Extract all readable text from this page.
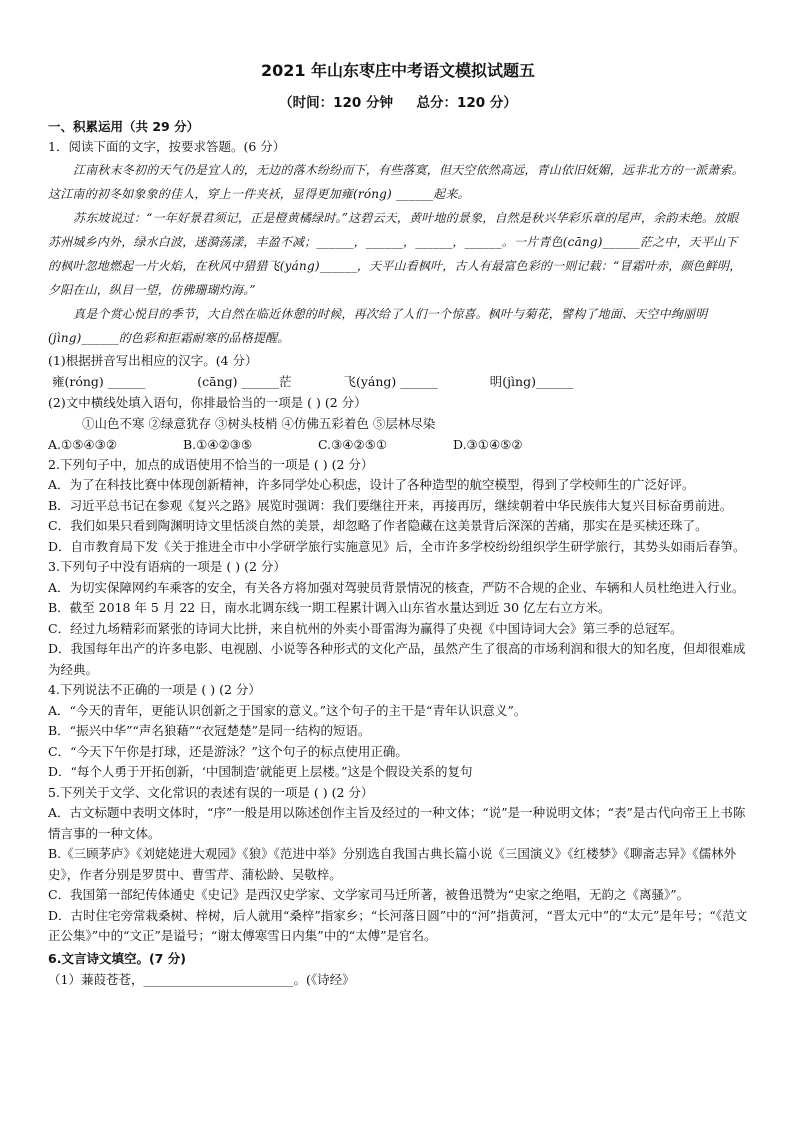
2021 年山东枣庄中考语文模拟试题五
（时间：120 分钟     总分：120 分）
一、积累运用（共 29 分）
1．阅读下面的文字，按要求答题。(6 分）
江南秋末冬初的天气仍是宜人的，无边的落木纷纷而下，有些落寞，但天空依然高远，青山依旧妩媚，远非北方的一派萧索。这江南的初冬如象象的佳人，穿上一件夹袄，显得更加雍(róng) ______起来。
苏东坡说过：“一年好景君须记，正是橙黄橘绿时。”这碧云天，黄叶地的景象，自然是秋兴华彩乐章的尾声，余韵未绝。放眼苏州城乡内外，绿水白波，迷漪荡漾，丰盈不减；______，______，______，______。一片青色(cāng)______茫之中，天平山下的枫叶忽地燃起一片火焰，在秋风中猎猎飞(yáng)______，天平山看枫叶，古人有最富色彩的一则记载：“冒霜叶赤，颜色鲜明，夕阳在山，纵目一望，仿佛珊瑚灼海。”
真是个赏心悦目的季节，大自然在临近休憩的时候，再次给了人们一个惊喜。枫叶与菊花，譬构了地面、天空中绚丽明(jìng)______的色彩和拒霜耐寒的品格提醒。
(1)根据拼音写出相应的汉字。(4 分）
雍(róng) ______	(cāng) ______茫	飞(yáng) ______	明(jìng)______
(2)文中横线处填入语句，你排最恰当的一项是 ( ) (2 分）
①山色不寒 ②绿意犹存 ③树头枝梢 ④仿佛五彩着色 ⑤层林尽染
A.①⑤④③②	B.①④②③⑤	C.③④②⑤①	D.③①④⑤②
2.下列句子中，加点的成语使用不恰当的一项是 ( ) (2 分）
A．为了在科技比赛中体现创新精神，许多同学处心积虑，设计了各种造型的航空模型，得到了学校师生的广泛好评。
B．习近平总书记在参观《复兴之路》展览时强调：我们要继往开来，再接再厉，继续朝着中华民族伟大复兴目标奋勇前进。
C．我们如果只看到陶渊明诗文里恬淡自然的美景，却忽略了作者隐藏在这美景背后深深的苦痛，那实在是买椟还珠了。
D．自市教育局下发《关于推进全市中小学研学旅行实施意见》后，全市许多学校纷纷组织学生研学旅行，其势头如雨后春笋。
3.下列句子中没有语病的一项是 ( ) (2 分）
A．为切实保障网约车乘客的安全，有关各方将加强对驾驶员背景情况的核查，严防不合规的企业、车辆和人员杜绝进入行业。
B．截至 2018 年 5 月 22 日，南水北调东线一期工程累计调入山东省水量达到近 30 亿左右立方米。
C．经过九场精彩而紧张的诗词大比拼，来自杭州的外卖小哥雷海为赢得了央视《中国诗词大会》第三季的总冠军。
D．我国每年出产的许多电影、电视剧、小说等各种形式的文化产品，虽然产生了很高的市场利润和很大的知名度，但却很难成为经典。
4.下列说法不正确的一项是 ( ) (2 分）
A．“今天的青年，更能认识创新之于国家的意义。”这个句子的主干是“青年认识意义”。
B．“振兴中华”“声名狼藉”“衣冠楚楚”是同一结构的短语。
C．“今天下午你是打球，还是游泳？”这个句子的标点使用正确。
D．“每个人勇于开拓创新，‘中国制造’就能更上层楼。”这是个假设关系的复句
5.下列关于文学、文化常识的表述有误的一项是 ( ) (2 分）
A．古文标题中表明文体时，“序”一般是用以陈述创作主旨及经过的一种文体；“说”是一种说明文体；“表”是古代向帝王上书陈情言事的一种文体。
B.《三顾茅庐》《刘姥姥进大观园》《狼》《范进中举》分别选自我国古典长篇小说《三国演义》《红楼梦》《聊斋志异》《儒林外史》，作者分别是罗贯中、曹雪芹、蒲松龄、吴敬梓。
C．我国第一部纪传体通史《史记》是西汉史学家、文学家司马迁所著，被鲁迅赞为“史家之绝唱，无韵之《离骚》”。
D．古时住宅旁常栽桑树、梓树，后人就用“桑梓”指家乡；“长河落日圆”中的“河”指黄河，“晋太元中”的“太元”是年号；“《范文正公集》”中的“文正”是谥号；“谢太傅寒雪日内集”中的“太傅”是官名。
6.文言诗文填空。(7 分)
（1）蒹葭苍苍，________________________。(《诗经》
